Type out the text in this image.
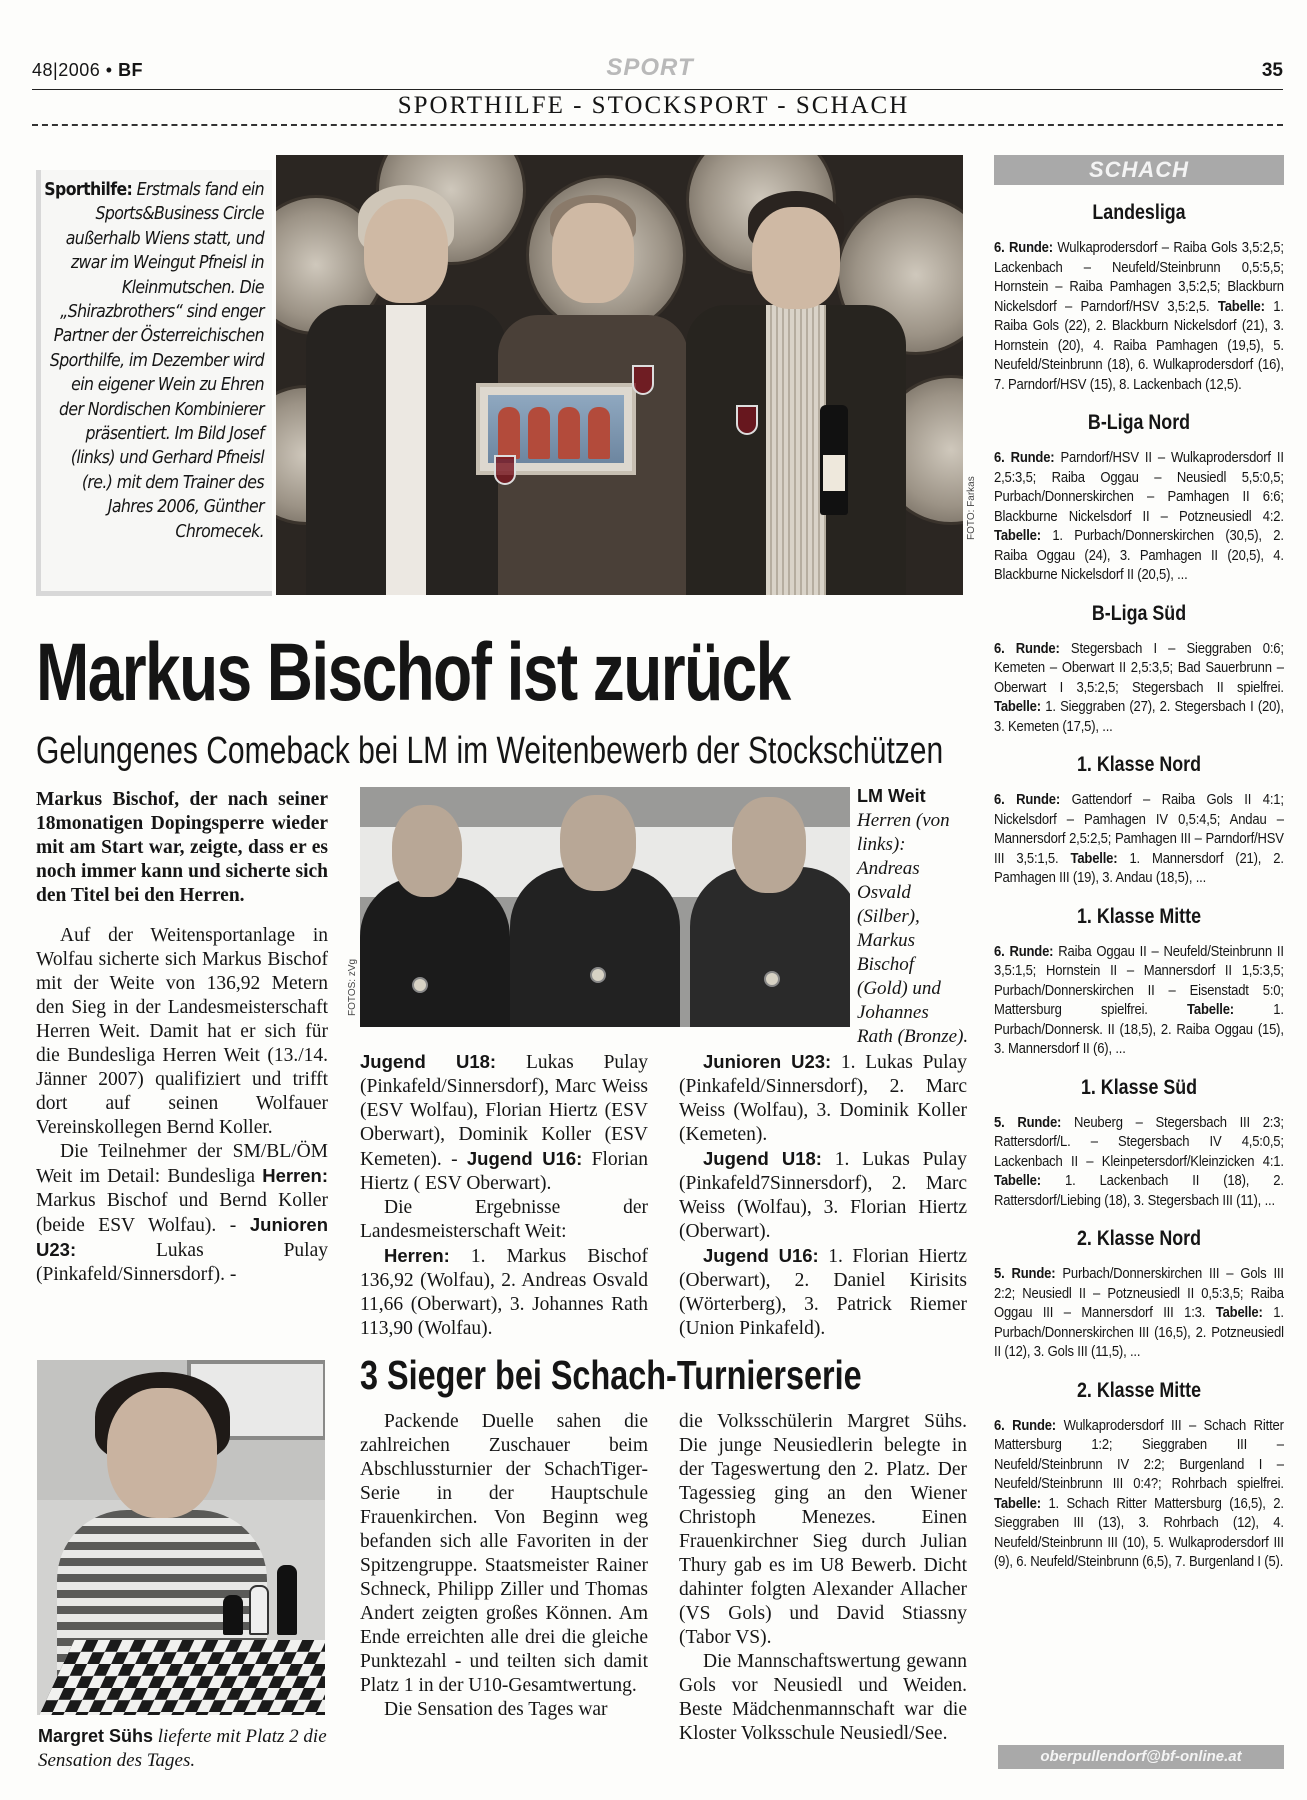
48|2006 • BF	SPORT	35
SPORTHILFE - STOCKSPORT - SCHACH
Sporthilfe: Erstmals fand ein Sports&Business Circle außerhalb Wiens statt, und zwar im Weingut Pfneisl in Kleinmutschen. Die „Shirazbrothers“ sind enger Partner der Österreichischen Sporthilfe, im Dezember wird ein eigener Wein zu Ehren der Nordischen Kombinierer präsentiert. Im Bild Josef (links) und Gerhard Pfneisl (re.) mit dem Trainer des Jahres 2006, Günther Chromecek.	FOTO: Farkas
Markus Bischof ist zurück
Gelungenes Comeback bei LM im Weitenbewerb der Stockschützen

Markus Bischof, der nach seiner 18monatigen Dopingsperre wieder mit am Start war, zeigte, dass er es noch immer kann und sicherte sich den Titel bei den Herren.

Auf der Weitensportanlage in Wolfau sicherte sich Markus Bischof mit der Weite von 136,92 Metern den Sieg in der Landesmeisterschaft Herren Weit. Damit hat er sich für die Bundesliga Herren Weit (13./14. Jänner 2007) qualifiziert und trifft dort auf seinen Wolfauer Vereinskollegen Bernd Koller.

Die Teilnehmer der SM/BL/ÖM Weit im Detail: Bundesliga Herren: Markus Bischof und Bernd Koller (beide ESV Wolfau). - Junioren U23:	Lukas Pulay (Pinkafeld/Sinnersdorf). -

FOTOS: zVg
LM Weit
Herren (von links): Andreas Osvald (Silber), Markus Bischof (Gold) und Johannes Rath (Bronze).

Jugend U18: Lukas Pulay (Pinkafeld/Sinnersdorf), Marc Weiss (ESV Wolfau), Florian Hiertz (ESV Oberwart), Dominik Koller (ESV Kemeten). - Jugend U16: Florian Hiertz ( ESV Oberwart).

Die Ergebnisse der Landesmeisterschaft Weit:

Herren: 1. Markus Bischof 136,92 (Wolfau), 2. Andreas Osvald 11,66 (Oberwart), 3. Johannes Rath 113,90 (Wolfau).

Junioren U23: 1. Lukas Pulay (Pinkafeld/Sinnersdorf), 2. Marc Weiss (Wolfau), 3. Dominik Koller (Kemeten).

Jugend U18: 1. Lukas Pulay (Pinkafeld7Sinnersdorf), 2. Marc Weiss (Wolfau), 3. Florian Hiertz (Oberwart).

Jugend U16: 1. Florian Hiertz (Oberwart), 2. Daniel Kirisits (Wörterberg), 3. Patrick Riemer (Union Pinkafeld).

3 Sieger bei Schach-Turnierserie

Packende Duelle sahen die zahlreichen Zuschauer beim Abschlussturnier der SchachTiger-Serie in der Hauptschule Frauenkirchen. Von Beginn weg befanden sich alle Favoriten in der Spitzengruppe. Staatsmeister Rainer Schneck, Philipp Ziller und Thomas Andert zeigten großes Können. Am Ende erreichten alle drei die gleiche Punktezahl - und teilten sich damit Platz 1 in der U10-Gesamtwertung.

Die Sensation des Tages war

die Volksschülerin Margret Sühs. Die junge Neusiedlerin belegte in der Tageswertung den 2. Platz. Der Tagessieg ging an den Wiener Christoph Menezes. Einen Frauenkirchner Sieg durch Julian Thury gab es im U8 Bewerb. Dicht dahinter folgten Alexander Allacher (VS Gols) und David Stiassny (Tabor VS).

Die Mannschaftswertung gewann Gols vor Neusiedl und Weiden. Beste Mädchenmannschaft war die Kloster Volksschule Neusiedl/See.

Margret Sühs lieferte mit Platz 2 die Sensation des Tages.
SCHACH
Landesliga
6. Runde: Wulkaprodersdorf – Raiba Gols 3,5:2,5; Lackenbach – Neufeld/Steinbrunn 0,5:5,5; Hornstein – Raiba Pamhagen 3,5:2,5; Blackburn Nickelsdorf – Parndorf/HSV 3,5:2,5. Tabelle: 1. Raiba Gols (22), 2. Blackburn Nickelsdorf (21), 3. Hornstein (20), 4. Raiba Pamhagen (19,5), 5. Neufeld/Steinbrunn (18), 6. Wulkaprodersdorf (16), 7. Parndorf/HSV (15), 8. Lackenbach (12,5).
B-Liga Nord
6. Runde: Parndorf/HSV II – Wulkaprodersdorf II 2,5:3,5; Raiba Oggau – Neusiedl 5,5:0,5; Purbach/Donnerskirchen – Pamhagen II 6:6; Blackburne Nickelsdorf II – Potzneusiedl 4:2. Tabelle: 1. Purbach/Donnerskirchen (30,5), 2. Raiba Oggau (24), 3. Pamhagen II (20,5), 4. Blackburne Nickelsdorf II (20,5), ...
B-Liga Süd
6. Runde: Stegersbach I – Sieggraben 0:6; Kemeten – Oberwart II 2,5:3,5; Bad Sauerbrunn – Oberwart I 3,5:2,5; Stegersbach II spielfrei. Tabelle: 1. Sieggraben (27), 2. Stegersbach I (20), 3. Kemeten (17,5), ...
1. Klasse Nord
6. Runde: Gattendorf – Raiba Gols II 4:1; Nickelsdorf – Pamhagen IV 0,5:4,5; Andau – Mannersdorf 2,5:2,5; Pamhagen III – Parndorf/HSV III 3,5:1,5. Tabelle: 1. Mannersdorf (21), 2. Pamhagen III (19), 3. Andau (18,5), ...
1. Klasse Mitte
6. Runde: Raiba Oggau II – Neufeld/Steinbrunn II 3,5:1,5; Hornstein II – Mannersdorf II 1,5:3,5; Purbach/Donnerskirchen II – Eisenstadt 5:0; Mattersburg spielfrei.	Tabelle:	1. Purbach/Donnersk. II (18,5), 2. Raiba Oggau (15), 3. Mannersdorf II (6), ...
1. Klasse Süd
5. Runde: Neuberg – Stegersbach III 2:3; Rattersdorf/L. – Stegersbach IV 4,5:0,5; Lackenbach II – Kleinpetersdorf/Kleinzicken 4:1. Tabelle: 1. Lackenbach II (18), 2. Rattersdorf/Liebing (18), 3. Stegersbach III (11), ...
2. Klasse Nord
5. Runde: Purbach/Donnerskirchen III – Gols III 2:2; Neusiedl II – Potzneusiedl II 0,5:3,5; Raiba Oggau III – Mannersdorf III 1:3. Tabelle: 1. Purbach/Donnerskirchen III (16,5), 2. Potzneusiedl II (12), 3. Gols III (11,5), ...
2. Klasse Mitte
6. Runde: Wulkaprodersdorf III – Schach Ritter Mattersburg 1:2; Sieggraben III – Neufeld/Steinbrunn IV 2:2; Burgenland I – Neufeld/Steinbrunn III 0:4?; Rohrbach spielfrei. Tabelle: 1. Schach Ritter Mattersburg (16,5), 2. Sieggraben III (13), 3. Rohrbach (12), 4. Neufeld/Steinbrunn III (10), 5. Wulkaprodersdorf III (9), 6. Neufeld/Steinbrunn (6,5), 7. Burgenland I (5).
oberpullendorf@bf-online.at
